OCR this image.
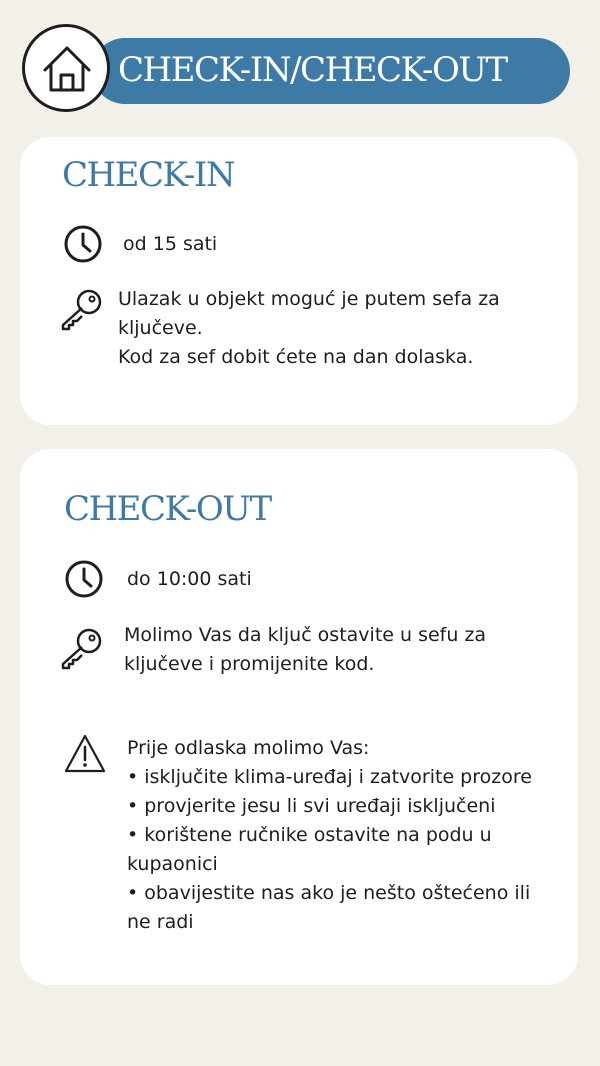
CHECK-IN/CHECK-OUT
CHECK-IN
od 15 sati
Ulazak u objekt moguć je putem sefa za
ključeve.
Kod za sef dobit ćete na dan dolaska.
CHECK-OUT
do 10:00 sati
Molimo Vas da ključ ostavite u sefu za
ključeve i promijenite kod.
Prije odlaska molimo Vas:
• isključite klima-uređaj i zatvorite prozore
• provjerite jesu li svi uređaji isključeni
• korištene ručnike ostavite na podu u
kupaonici
• obavijestite nas ako je nešto oštećeno ili
ne radi
